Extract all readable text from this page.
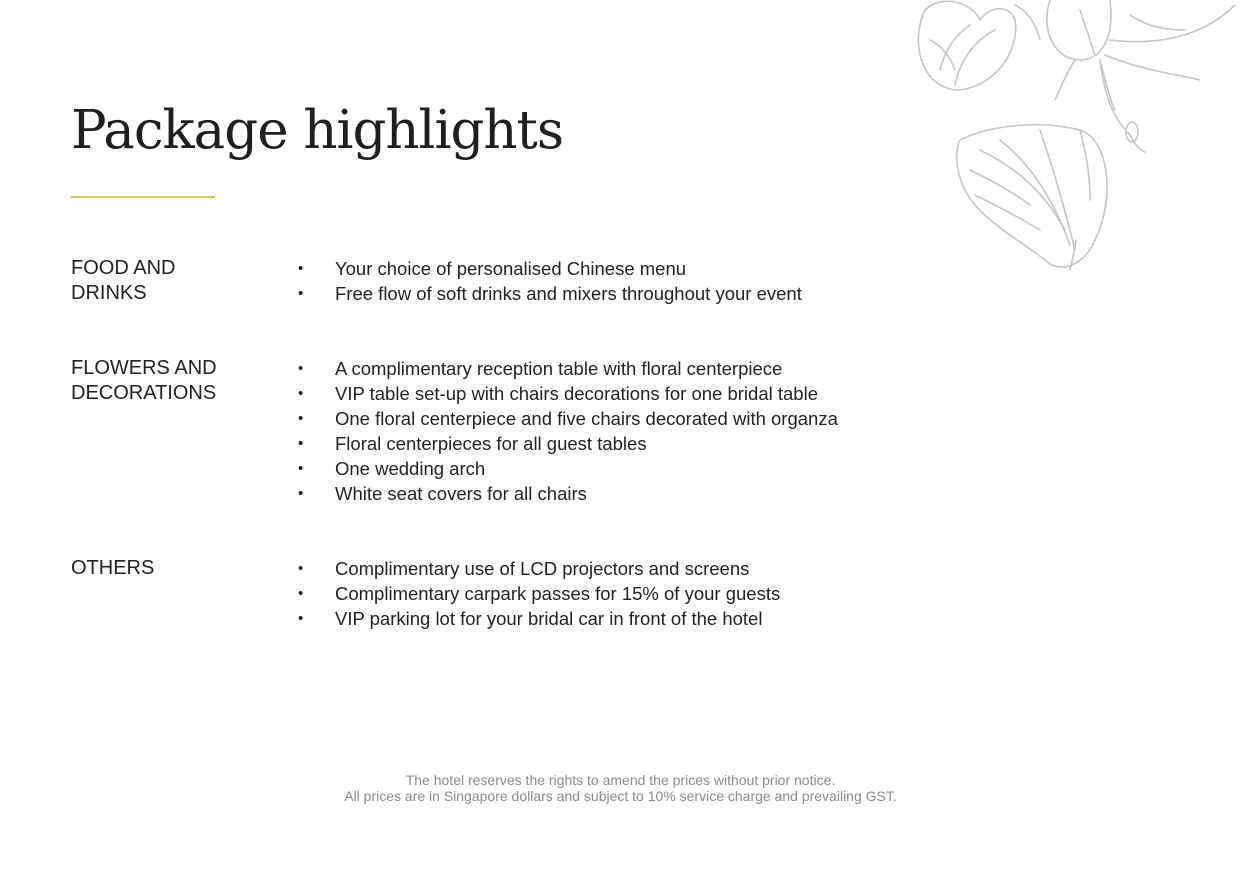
Package highlights
FOOD AND
DRINKS
• Your choice of personalised Chinese menu
• Free flow of soft drinks and mixers throughout your event
FLOWERS AND
DECORATIONS
• A complimentary reception table with floral centerpiece
• VIP table set-up with chairs decorations for one bridal table
• One floral centerpiece and five chairs decorated with organza
• Floral centerpieces for all guest tables
• One wedding arch
• White seat covers for all chairs
OTHERS
•	Complimentary use of LCD projectors and screens
• Complimentary carpark passes for 15% of your guests
• VIP parking lot for your bridal car in front of the hotel
The hotel reserves the rights to amend the prices without prior notice.
All prices are in Singapore dollars and subject to 10% service charge and prevailing GST.
